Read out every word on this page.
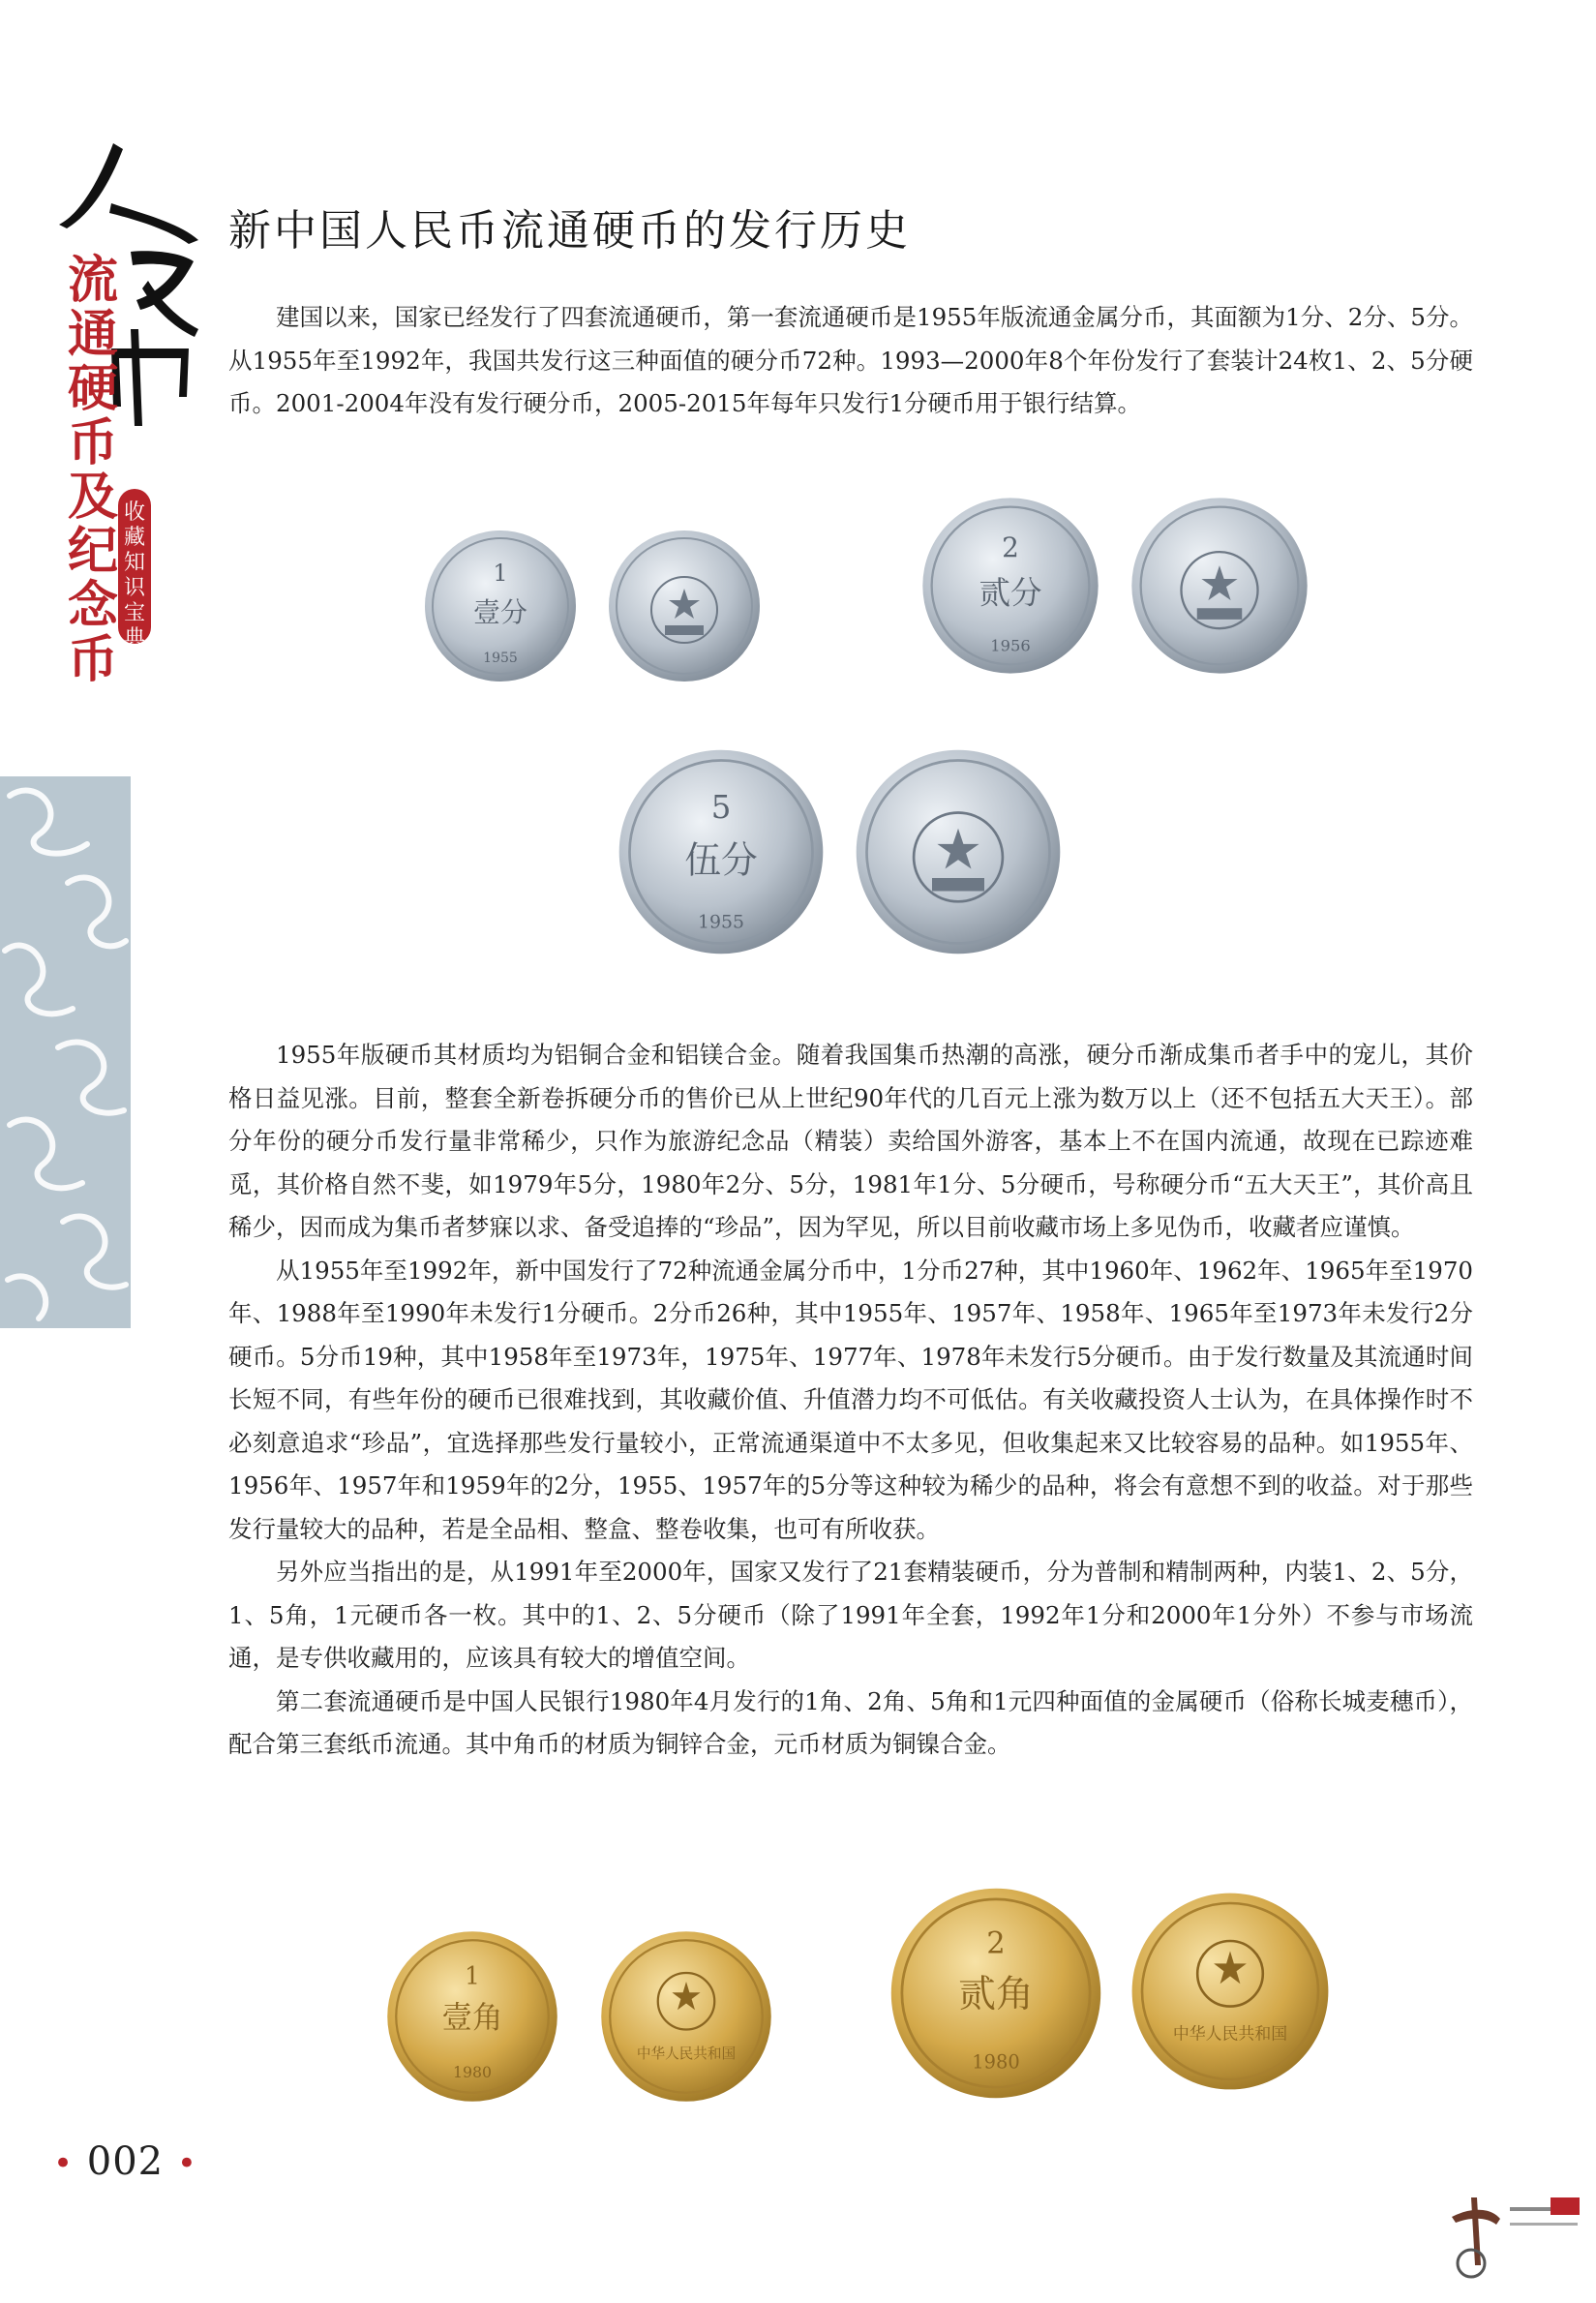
流通硬币及纪念币
收藏知识宝典
新中国人民币流通硬币的发行历史

建国以来，国家已经发行了四套流通硬币，第一套流通硬币是1955年版流通金属分币，其面额为1分、2分、5分。从1955年至1992年，我国共发行这三种面值的硬分币72种。1993—2000年8个年份发行了套装计24枚1、2、5分硬币。2001-2004年没有发行硬分币，2005-2015年每年只发行1分硬币用于银行结算。

1
壹分
1955
2
贰分
1956
5
伍分
1955

1955年版硬币其材质均为铝铜合金和铝镁合金。随着我国集币热潮的高涨，硬分币渐成集币者手中的宠儿，其价格日益见涨。目前，整套全新卷拆硬分币的售价已从上世纪90年代的几百元上涨为数万以上（还不包括五大天王）。部分年份的硬分币发行量非常稀少，只作为旅游纪念品（精装）卖给国外游客，基本上不在国内流通，故现在已踪迹难觅，其价格自然不斐，如1979年5分，1980年2分、5分，1981年1分、5分硬币，号称硬分币“五大天王”，其价高且稀少，因而成为集币者梦寐以求、备受追捧的“珍品”，因为罕见，所以目前收藏市场上多见伪币，收藏者应谨慎。

从1955年至1992年，新中国发行了72种流通金属分币中，1分币27种，其中1960年、1962年、1965年至1970年、1988年至1990年未发行1分硬币。2分币26种，其中1955年、1957年、1958年、1965年至1973年未发行2分硬币。5分币19种，其中1958年至1973年，1975年、1977年、1978年未发行5分硬币。由于发行数量及其流通时间长短不同，有些年份的硬币已很难找到，其收藏价值、升值潜力均不可低估。有关收藏投资人士认为，在具体操作时不必刻意追求“珍品”，宜选择那些发行量较小，正常流通渠道中不太多见，但收集起来又比较容易的品种。如1955年、1956年、1957年和1959年的2分，1955、1957年的5分等这种较为稀少的品种，将会有意想不到的收益。对于那些发行量较大的品种，若是全品相、整盒、整卷收集，也可有所收获。

另外应当指出的是，从1991年至2000年，国家又发行了21套精装硬币，分为普制和精制两种，内装1、2、5分，1、5角，1元硬币各一枚。其中的1、2、5分硬币（除了1991年全套，1992年1分和2000年1分外）不参与市场流通，是专供收藏用的，应该具有较大的增值空间。

第二套流通硬币是中国人民银行1980年4月发行的1角、2角、5角和1元四种面值的金属硬币（俗称长城麦穗币），配合第三套纸币流通。其中角币的材质为铜锌合金，元币材质为铜镍合金。

1
壹角
1980
中华人民共和国
2
贰角
1980
中华人民共和国
• 002 •
